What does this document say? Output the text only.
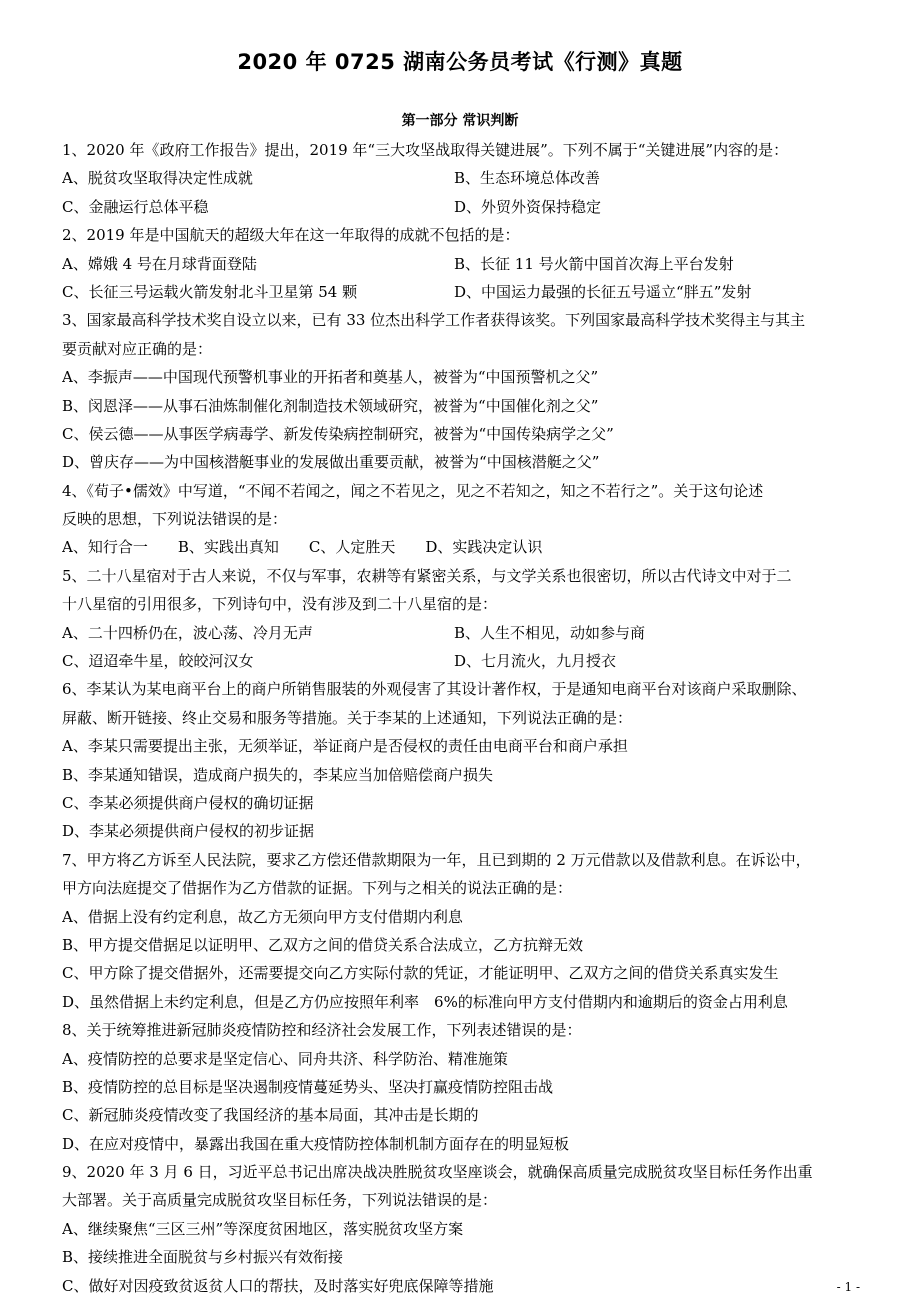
2020 年 0725 湖南公务员考试《行测》真题
第一部分 常识判断
1、2020 年《政府工作报告》提出，2019 年“三大攻坚战取得关键进展”。下列不属于“关键进展”内容的是：
A、脱贫攻坚取得决定性成就	B、生态环境总体改善
C、金融运行总体平稳	D、外贸外资保持稳定
2、2019 年是中国航天的超级大年在这一年取得的成就不包括的是：
A、嫦娥 4 号在月球背面登陆	B、长征 11 号火箭中国首次海上平台发射
C、长征三号运载火箭发射北斗卫星第 54 颗	D、中国运力最强的长征五号遥立“胖五”发射
3、国家最高科学技术奖自设立以来，已有 33 位杰出科学工作者获得该奖。下列国家最高科学技术奖得主与其主
要贡献对应正确的是：
A、李振声——中国现代预警机事业的开拓者和奠基人，被誉为“中国预警机之父”
B、闵恩泽——从事石油炼制催化剂制造技术领域研究，被誉为“中国催化剂之父”
C、侯云德——从事医学病毒学、新发传染病控制研究，被誉为“中国传染病学之父”
D、曾庆存——为中国核潜艇事业的发展做出重要贡献，被誉为“中国核潜艇之父”
4、《荀子•儒效》中写道，“不闻不若闻之，闻之不若见之，见之不若知之，知之不若行之”。关于这句论述
反映的思想，下列说法错误的是：
A、知行合一 B、实践出真知 C、人定胜天 D、实践决定认识
5、二十八星宿对于古人来说，不仅与军事，农耕等有紧密关系，与文学关系也很密切，所以古代诗文中对于二
十八星宿的引用很多，下列诗句中，没有涉及到二十八星宿的是：
A、二十四桥仍在，波心荡、冷月无声	B、人生不相见，动如参与商
C、迢迢牵牛星，皎皎河汉女	D、七月流火，九月授衣
6、李某认为某电商平台上的商户所销售服装的外观侵害了其设计著作权，于是通知电商平台对该商户采取删除、
屏蔽、断开链接、终止交易和服务等措施。关于李某的上述通知，下列说法正确的是：
A、李某只需要提出主张，无须举证，举证商户是否侵权的责任由电商平台和商户承担
B、李某通知错误，造成商户损失的，李某应当加倍赔偿商户损失
C、李某必须提供商户侵权的确切证据
D、李某必须提供商户侵权的初步证据
7、甲方将乙方诉至人民法院，要求乙方偿还借款期限为一年，且已到期的 2 万元借款以及借款利息。在诉讼中，
甲方向法庭提交了借据作为乙方借款的证据。下列与之相关的说法正确的是：
A、借据上没有约定利息，故乙方无须向甲方支付借期内利息
B、甲方提交借据足以证明甲、乙双方之间的借贷关系合法成立，乙方抗辩无效
C、甲方除了提交借据外，还需要提交向乙方实际付款的凭证，才能证明甲、乙双方之间的借贷关系真实发生
D、虽然借据上未约定利息，但是乙方仍应按照年利率　6%的标准向甲方支付借期内和逾期后的资金占用利息
8、关于统筹推进新冠肺炎疫情防控和经济社会发展工作，下列表述错误的是：
A、疫情防控的总要求是坚定信心、同舟共济、科学防治、精准施策
B、疫情防控的总目标是坚决遏制疫情蔓延势头、坚决打赢疫情防控阻击战
C、新冠肺炎疫情改变了我国经济的基本局面，其冲击是长期的
D、在应对疫情中，暴露出我国在重大疫情防控体制机制方面存在的明显短板
9、2020 年 3 月 6 日，习近平总书记出席决战决胜脱贫攻坚座谈会，就确保高质量完成脱贫攻坚目标任务作出重
大部署。关于高质量完成脱贫攻坚目标任务，下列说法错误的是：
A、继续聚焦“三区三州”等深度贫困地区，落实脱贫攻坚方案
B、接续推进全面脱贫与乡村振兴有效衔接
C、做好对因疫致贫返贫人口的帮扶，及时落实好兜底保障等措施	- 1 -
